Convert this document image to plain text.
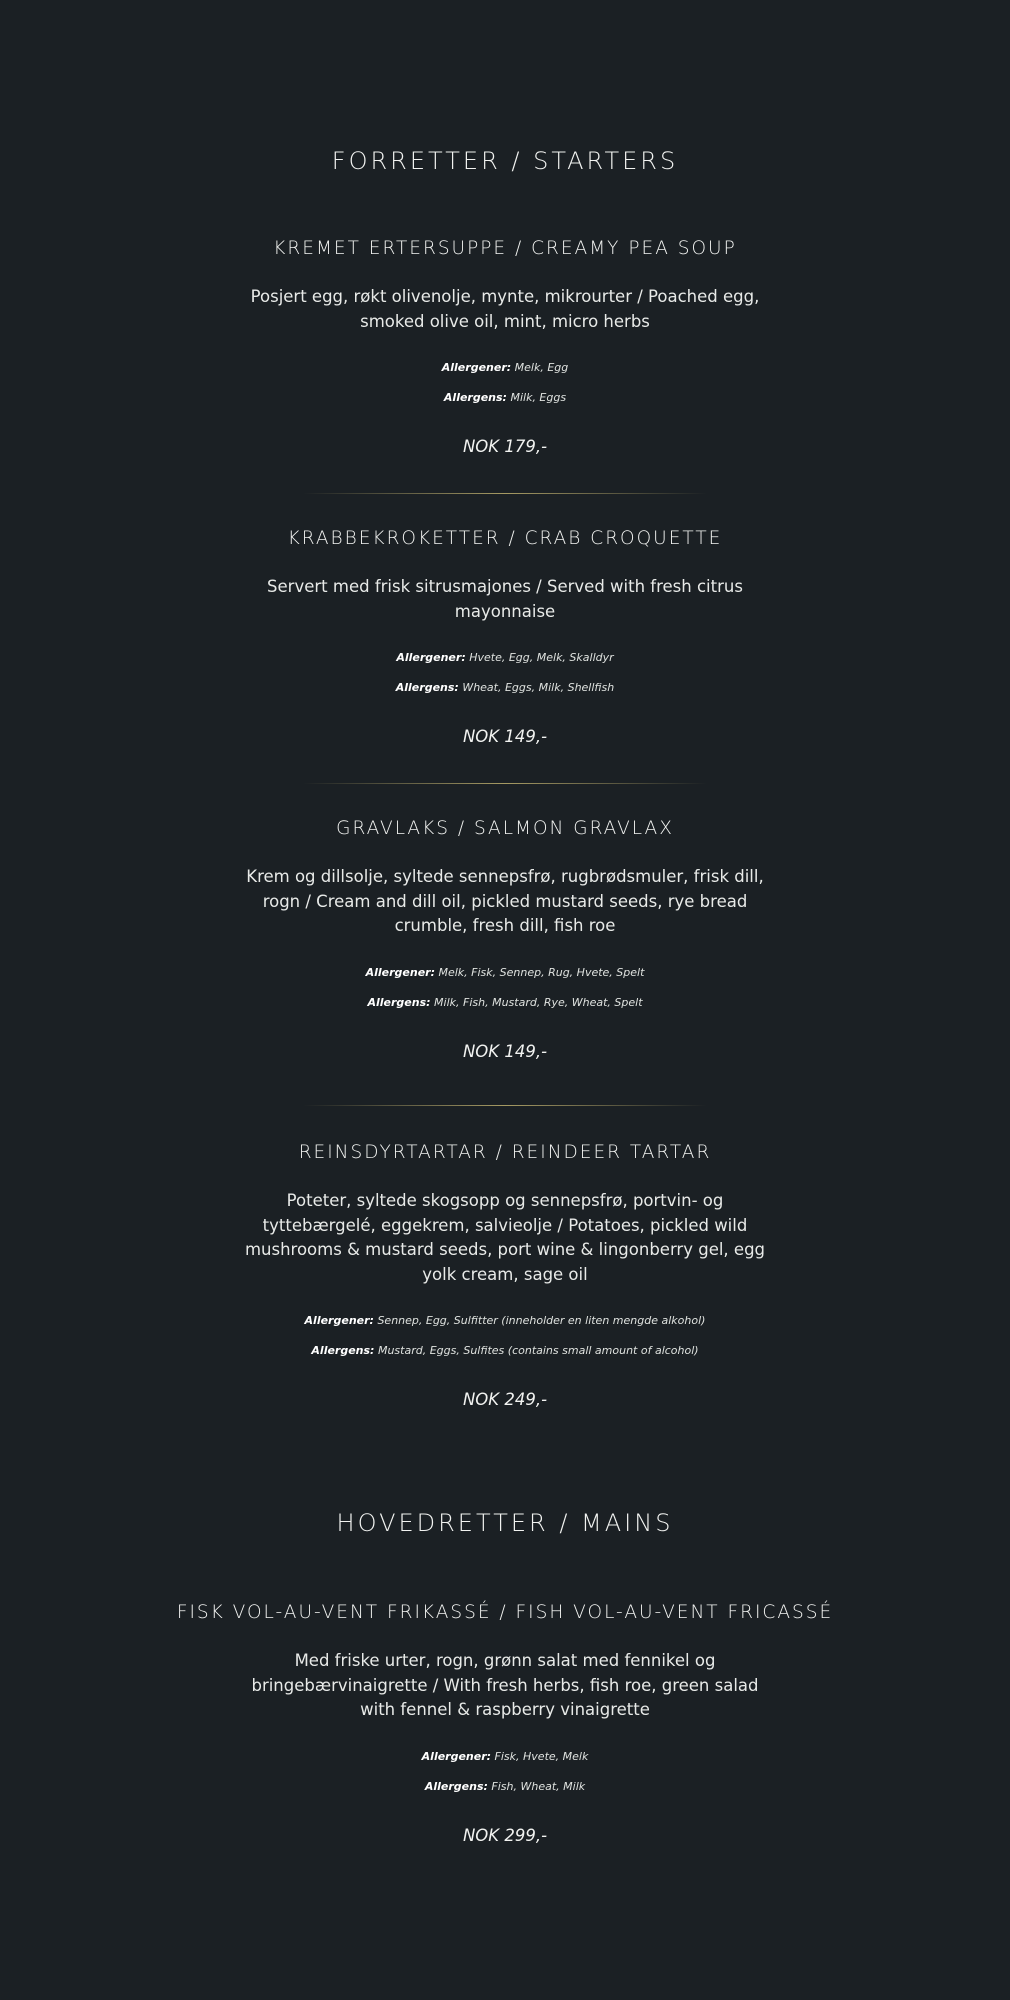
FORRETTER / STARTERS
KREMET ERTERSUPPE / CREAMY PEA SOUP

Posjert egg, røkt olivenolje, mynte, mikrourter / Poached egg, smoked olive oil, mint, micro herbs

Allergener: Melk, Egg

Allergens: Milk, Eggs

NOK 179,-

KRABBEKROKETTER / CRAB CROQUETTE

Servert med frisk sitrusmajones / Served with fresh citrus mayonnaise

Allergener: Hvete, Egg, Melk, Skalldyr

Allergens: Wheat, Eggs, Milk, Shellfish

NOK 149,-

GRAVLAKS / SALMON GRAVLAX

Krem og dillsolje, syltede sennepsfrø, rugbrødsmuler, frisk dill, rogn / Cream and dill oil, pickled mustard seeds, rye bread crumble, fresh dill, fish roe

Allergener: Melk, Fisk, Sennep, Rug, Hvete, Spelt

Allergens: Milk, Fish, Mustard, Rye, Wheat, Spelt

NOK 149,-

REINSDYRTARTAR / REINDEER TARTAR

Poteter, syltede skogsopp og sennepsfrø, portvin- og tyttebærgelé, eggekrem, salvieolje / Potatoes, pickled wild mushrooms & mustard seeds, port wine & lingonberry gel, egg yolk cream, sage oil

Allergener: Sennep, Egg, Sulfitter (inneholder en liten mengde alkohol)

Allergens: Mustard, Eggs, Sulfites (contains small amount of alcohol)

NOK 249,-

HOVEDRETTER / MAINS
FISK VOL-AU-VENT FRIKASSÉ / FISH VOL-AU-VENT FRICASSÉ

Med friske urter, rogn, grønn salat med fennikel og bringebærvinaigrette / With fresh herbs, fish roe, green salad with fennel & raspberry vinaigrette

Allergener: Fisk, Hvete, Melk

Allergens: Fish, Wheat, Milk

NOK 299,-
